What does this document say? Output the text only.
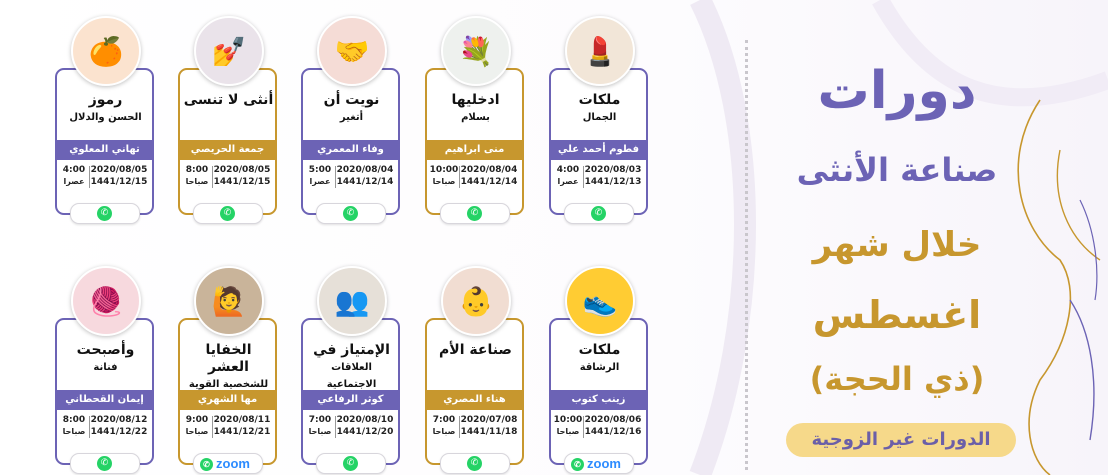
دورات
صناعة الأنثى
خلال شهر
اغسطس
(ذي الحجة)
الدورات غير الزوجية
ملكات
الجمال
فطوم أحمد علي
2020/08/03
1441/12/13
4:00
عصرا
💄
✆
ادخليها
بسلام
منى ابراهيم
2020/08/04
1441/12/14
10:00
صباحا
💐
✆
نويت أن
أتغير
وفاء المعمري
2020/08/04
1441/12/14
5:00
عصرا
🤝
✆
أنثى لا تنسى
جمعة الحريصي
2020/08/05
1441/12/15
8:00
صباحا
💅
✆
رموز
الحسن والدلال
تهاني المعلوي
2020/08/05
1441/12/15
4:00
عصرا
🍊
✆
ملكات
الرشاقة
زينب كتوب
2020/08/06
1441/12/16
10:00
صباحا
👟
✆ zoom
صناعة الأم
هناء المصري
2020/07/08
1441/11/18
7:00
صباحا
👶
✆
الإمتياز في
العلاقات الاجتماعية
كوثر الرفاعي
2020/08/10
1441/12/20
7:00
صباحا
👥
✆
الخفايا العشر
للشخصية القوية
مها الشهري
2020/08/11
1441/12/21
9:00
صباحا
🙋
✆ zoom
وأصبحت
فنانة
إيمان القحطاني
2020/08/12
1441/12/22
8:00
صباحا
🧶
✆
